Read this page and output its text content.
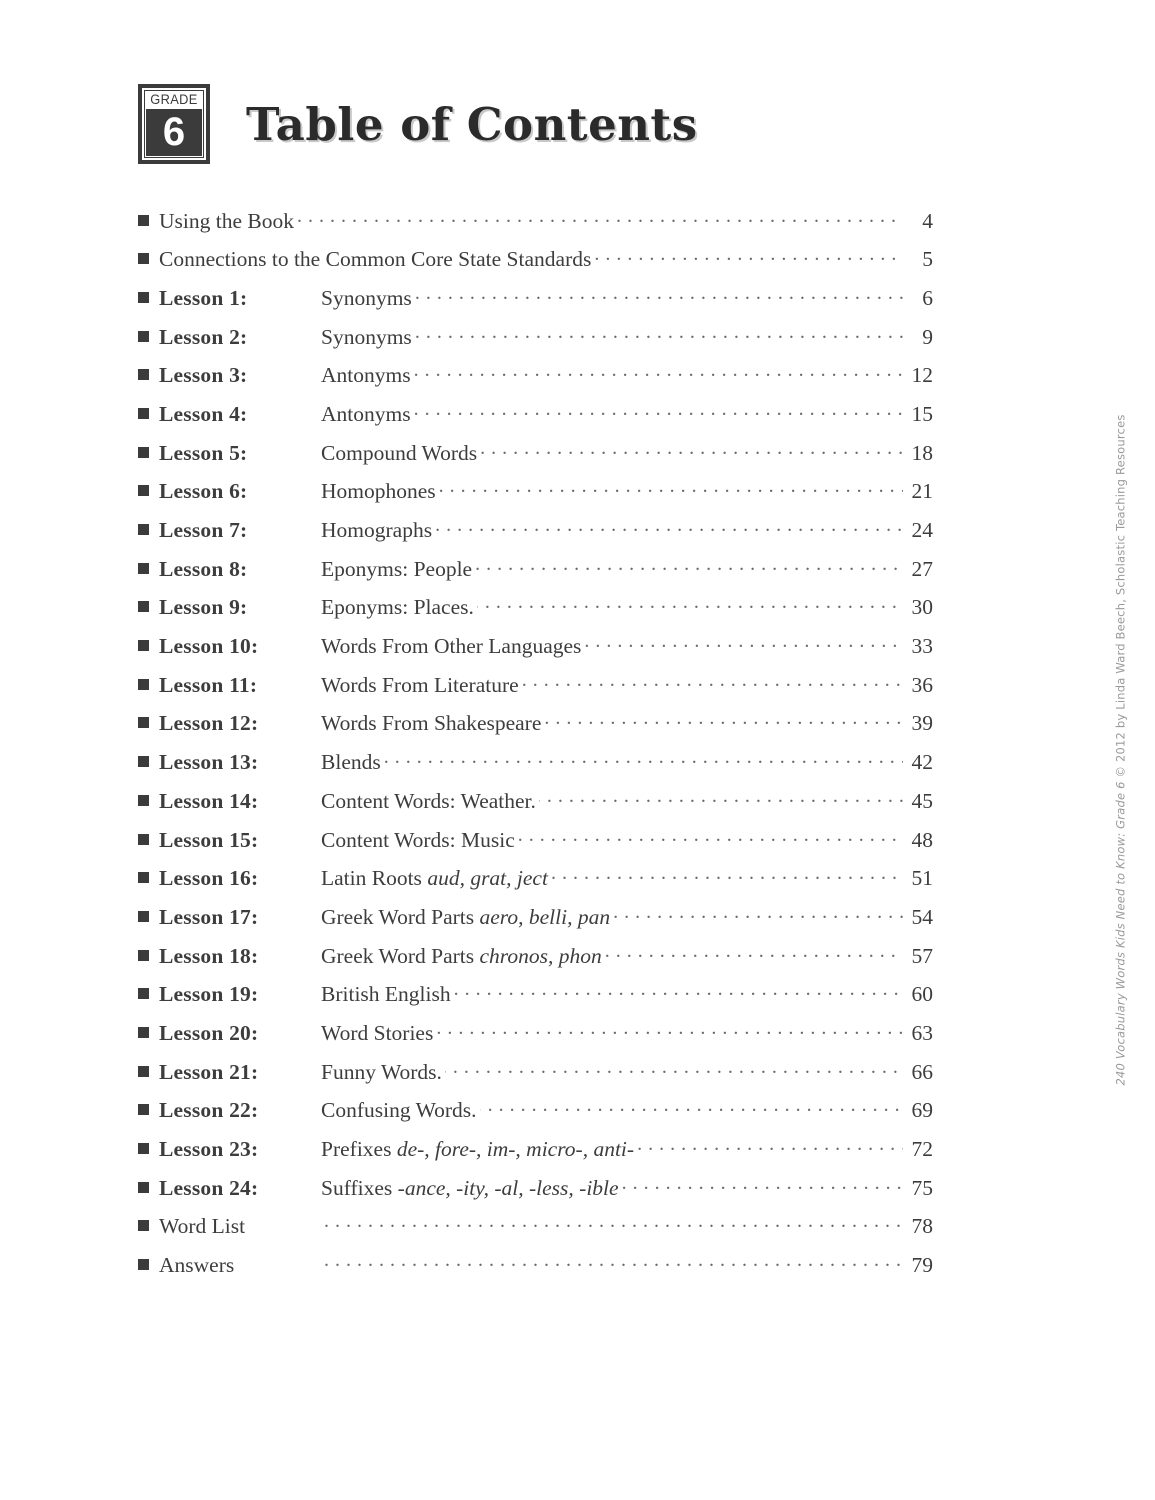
GRADE
6	Table of Contents
Using the Book . . .	4
Connections to the Common Core State Standards . . .	5
Lesson 1:	Synonyms . . .	6
Lesson 2:	Synonyms . . .	9
Lesson 3:	Antonyms . . .	12
Lesson 4:	Antonyms . . .	15
Lesson 5:	Compound Words . . .	18
Lesson 6:	Homophones . . .	21
Lesson 7:	Homographs . . .	24
Lesson 8:	Eponyms: People . . .	27
Lesson 9:	Eponyms: Places. . . .	30
Lesson 10:	Words From Other Languages . . .	33
Lesson 11:	Words From Literature . . .	36
Lesson 12:	Words From Shakespeare . . .	39
Lesson 13:	Blends . . .	42
Lesson 14:	Content Words: Weather. . . .	45
Lesson 15:	Content Words: Music . . .	48
Lesson 16:	Latin Roots aud, grat, ject . . .	51
Lesson 17:	Greek Word Parts aero, belli, pan . . .	54
Lesson 18:	Greek Word Parts chronos, phon . . .	57
Lesson 19:	British English . . .	60
Lesson 20:	Word Stories . . .	63
Lesson 21:	Funny Words. . . .	66
Lesson 22:	Confusing Words. . . .	69
Lesson 23:	Prefixes de-, fore-, im-, micro-, anti- . . .	72
Lesson 24:	Suffixes -ance, -ity, -al, -less, -ible . . .	75
Word List . . .	78
Answers . . .	79
240 Vocabulary Words Kids Need to Know: Grade 6 © 2012 by Linda Ward Beech, Scholastic Teaching Resources
